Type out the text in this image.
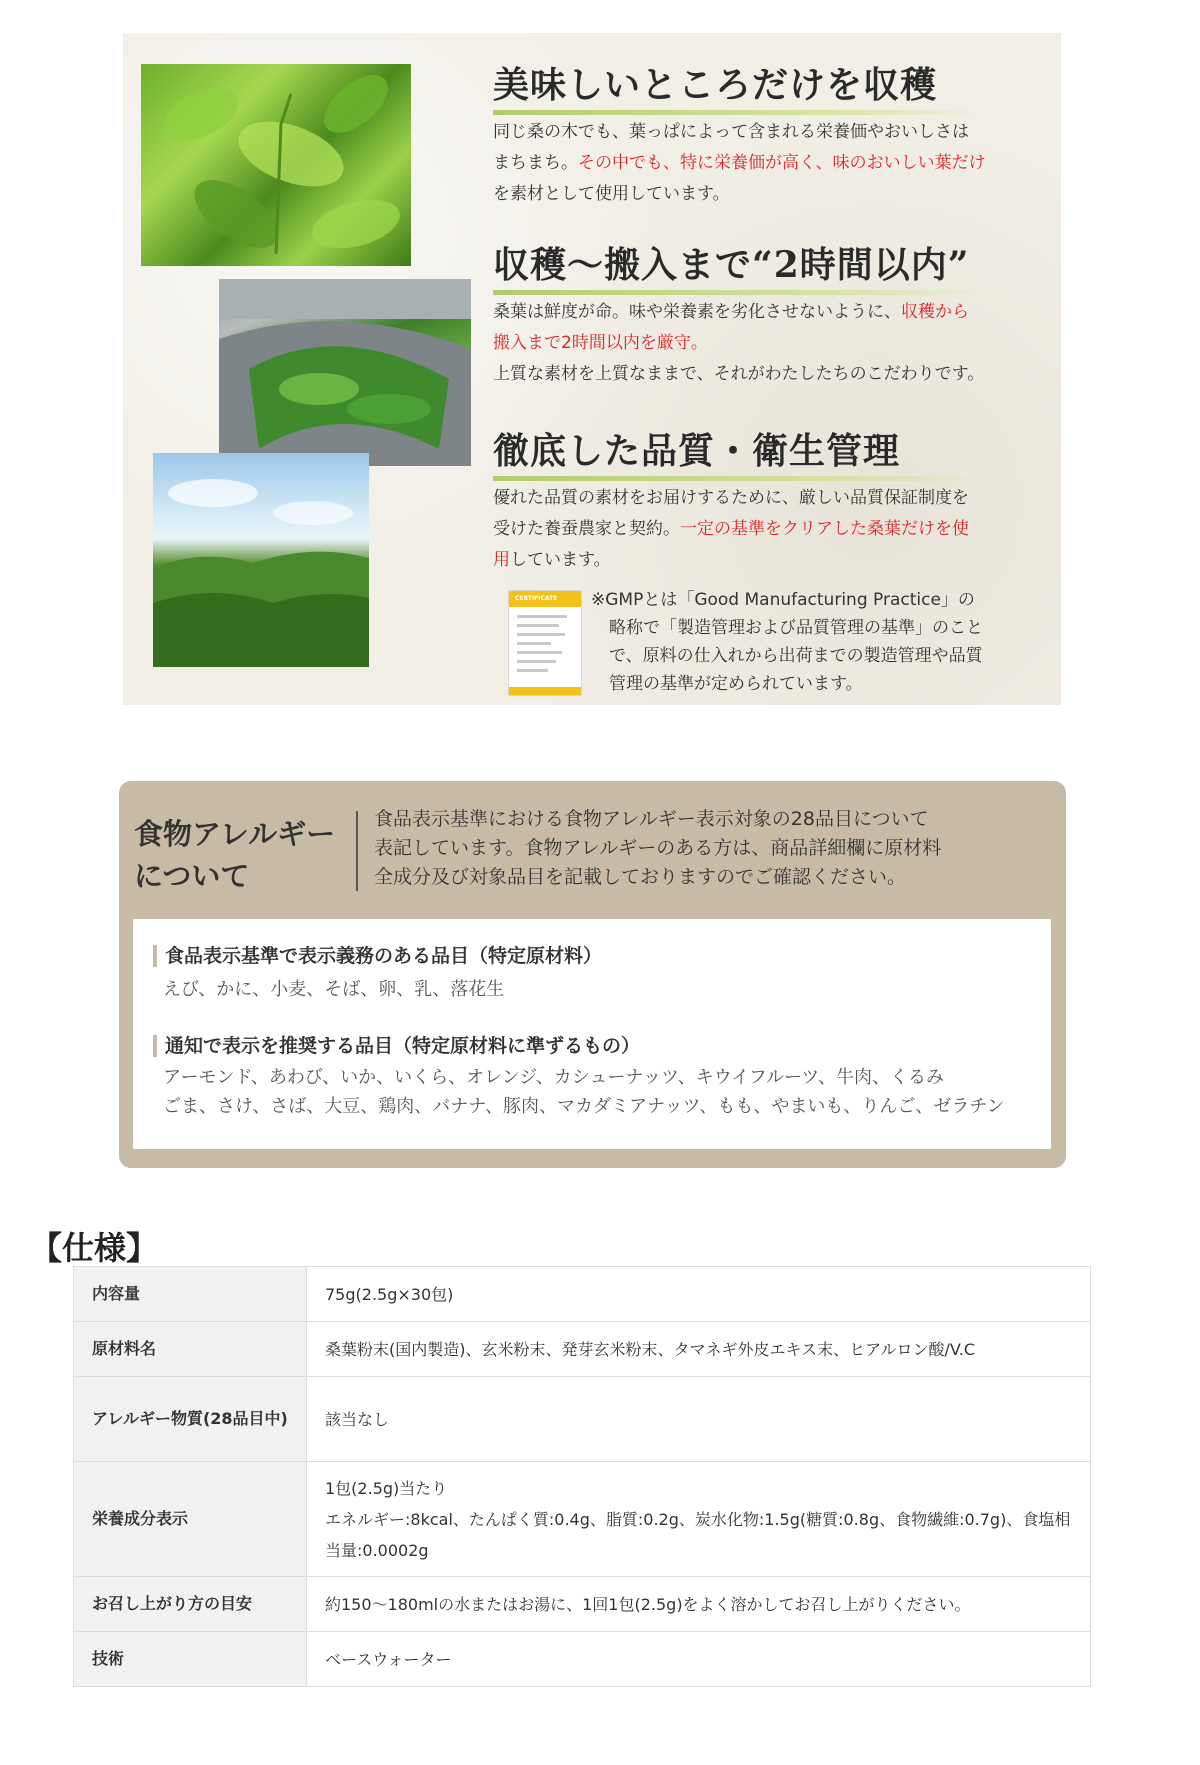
美味しいところだけを収穫
同じ桑の木でも、葉っぱによって含まれる栄養価やおいしさは
まちまち。その中でも、特に栄養価が高く、味のおいしい葉だけ
を素材として使用しています。
収穫～搬入まで“2時間以内”
桑葉は鮮度が命。味や栄養素を劣化させないように、収穫から
搬入まで2時間以内を厳守。
上質な素材を上質なままで、それがわたしたちのこだわりです。
徹底した品質・衛生管理
優れた品質の素材をお届けするために、厳しい品質保証制度を
受けた養蚕農家と契約。一定の基準をクリアした桑葉だけを使
用しています。
CERTIFICATE	※GMPとは「Good Manufacturing Practice」の
略称で「製造管理および品質管理の基準」のこと
で、原料の仕入れから出荷までの製造管理や品質
管理の基準が定められています。
食物アレルギー
について
食品表示基準における食物アレルギー表示対象の28品目について
表記しています。食物アレルギーのある方は、商品詳細欄に原材料
全成分及び対象品目を記載しておりますのでご確認ください。
食品表示基準で表示義務のある品目（特定原材料）
えび、かに、小麦、そば、卵、乳、落花生
通知で表示を推奨する品目（特定原材料に準ずるもの）
アーモンド、あわび、いか、いくら、オレンジ、カシューナッツ、キウイフルーツ、牛肉、くるみ
ごま、さけ、さば、大豆、鶏肉、バナナ、豚肉、マカダミアナッツ、もも、やまいも、りんご、ゼラチン
【仕様】
内容量	75g(2.5g×30包)
原材料名	桑葉粉末(国内製造)、玄米粉末、発芽玄米粉末、タマネギ外皮エキス末、ヒアルロン酸/V.C
アレルギー物質(28品目中)	該当なし
栄養成分表示	1包(2.5g)当たり
エネルギー:8kcal、たんぱく質:0.4g、脂質:0.2g、炭水化物:1.5g(糖質:0.8g、食物繊維:0.7g)、食塩相当量:0.0002g

お召し上がり方の目安	約150～180mlの水またはお湯に、1回1包(2.5g)をよく溶かしてお召し上がりください。
技術	ベースウォーター
